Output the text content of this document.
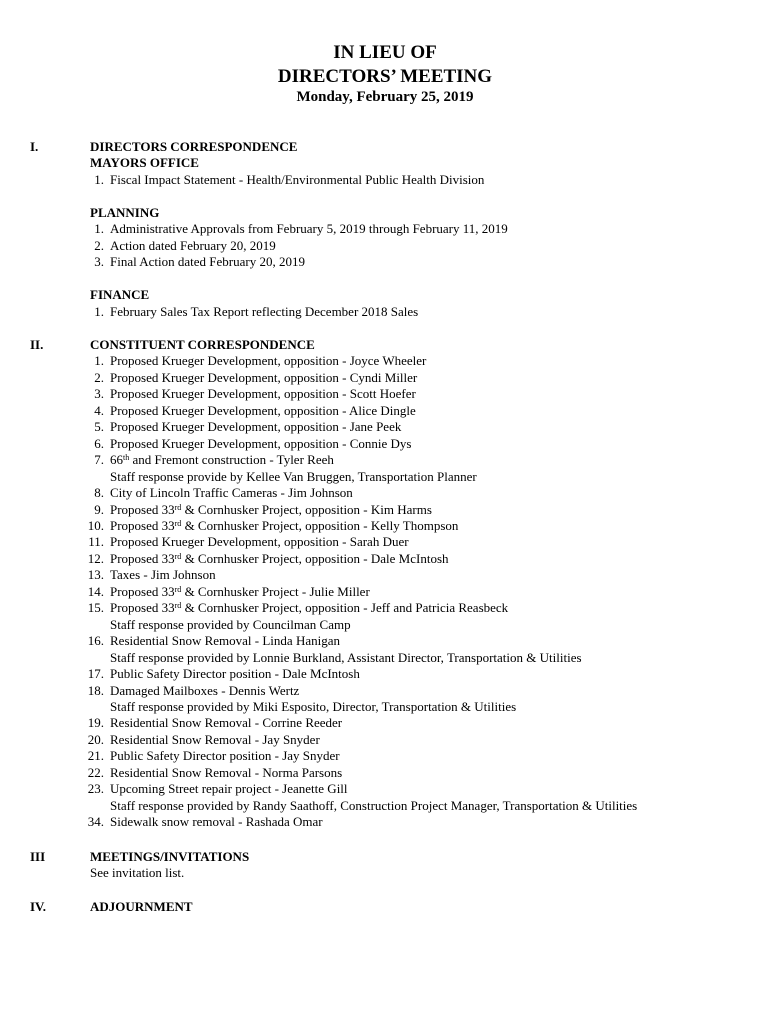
IN LIEU OF
DIRECTORS’ MEETING
Monday, February 25, 2019
I.	DIRECTORS CORRESPONDENCE
MAYORS OFFICE
1. Fiscal Impact Statement - Health/Environmental Public Health Division
PLANNING
1. Administrative Approvals from February 5, 2019 through February 11, 2019
2. Action dated February 20, 2019
3. Final Action dated February 20, 2019
FINANCE
1. February Sales Tax Report reflecting December 2018 Sales
II.	CONSTITUENT CORRESPONDENCE
1. Proposed Krueger Development, opposition - Joyce Wheeler
2. Proposed Krueger Development, opposition - Cyndi Miller
3. Proposed Krueger Development, opposition - Scott Hoefer
4. Proposed Krueger Development, opposition - Alice Dingle
5. Proposed Krueger Development, opposition - Jane Peek
6. Proposed Krueger Development, opposition - Connie Dys
7. 66th and Fremont construction - Tyler Reeh
Staff response provide by Kellee Van Bruggen, Transportation Planner
8. City of Lincoln Traffic Cameras - Jim Johnson
9. Proposed 33rd & Cornhusker Project, opposition - Kim Harms
10. Proposed 33rd & Cornhusker Project, opposition - Kelly Thompson
11. Proposed Krueger Development, opposition - Sarah Duer
12. Proposed 33rd & Cornhusker Project, opposition - Dale McIntosh
13. Taxes - Jim Johnson
14. Proposed 33rd & Cornhusker Project - Julie Miller
15. Proposed 33rd & Cornhusker Project, opposition - Jeff and Patricia Reasbeck
Staff response provided by Councilman Camp
16. Residential Snow Removal - Linda Hanigan
Staff response provided by Lonnie Burkland, Assistant Director, Transportation & Utilities
17. Public Safety Director position - Dale McIntosh
18. Damaged Mailboxes - Dennis Wertz
Staff response provided by Miki Esposito, Director, Transportation & Utilities
19. Residential Snow Removal - Corrine Reeder
20. Residential Snow Removal - Jay Snyder
21. Public Safety Director position - Jay Snyder
22. Residential Snow Removal - Norma Parsons
23. Upcoming Street repair project - Jeanette Gill
Staff response provided by Randy Saathoff, Construction Project Manager, Transportation & Utilities
34. Sidewalk snow removal - Rashada Omar
III	MEETINGS/INVITATIONS
See invitation list.
IV.	ADJOURNMENT
